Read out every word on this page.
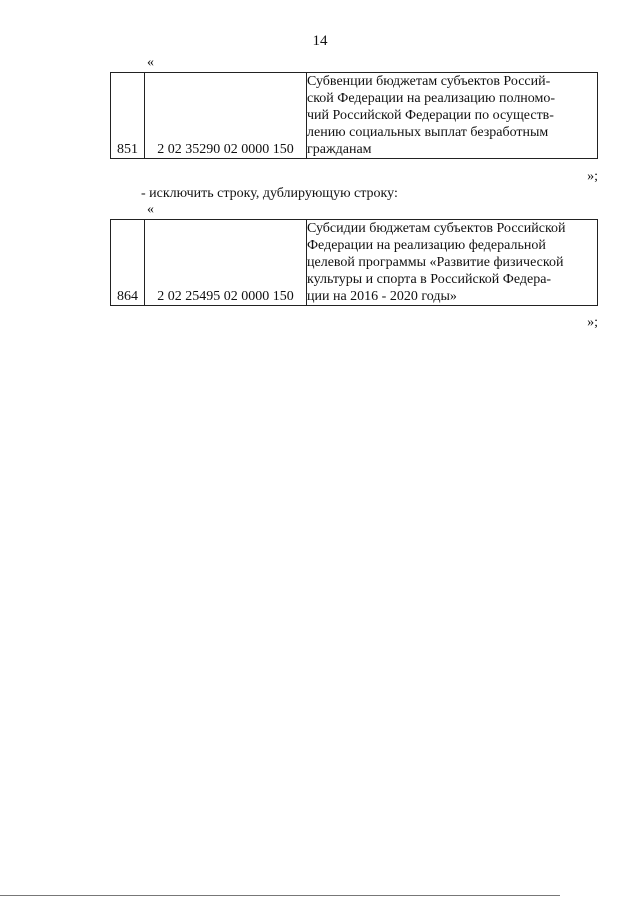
14
«
851	2 02 35290 02 0000 150	
Субвенции бюджетам субъектов Россий-
ской Федерации на реализацию полномо-
чий Российской Федерации по осуществ-
лению социальных выплат безработным
гражданам
»;
- исключить строку, дублирующую строку:
«
864	2 02 25495 02 0000 150	
Субсидии бюджетам субъектов Российской
Федерации на реализацию федеральной
целевой программы «Развитие физической
культуры и спорта в Российской Федера-
ции на 2016 - 2020 годы»
»;
